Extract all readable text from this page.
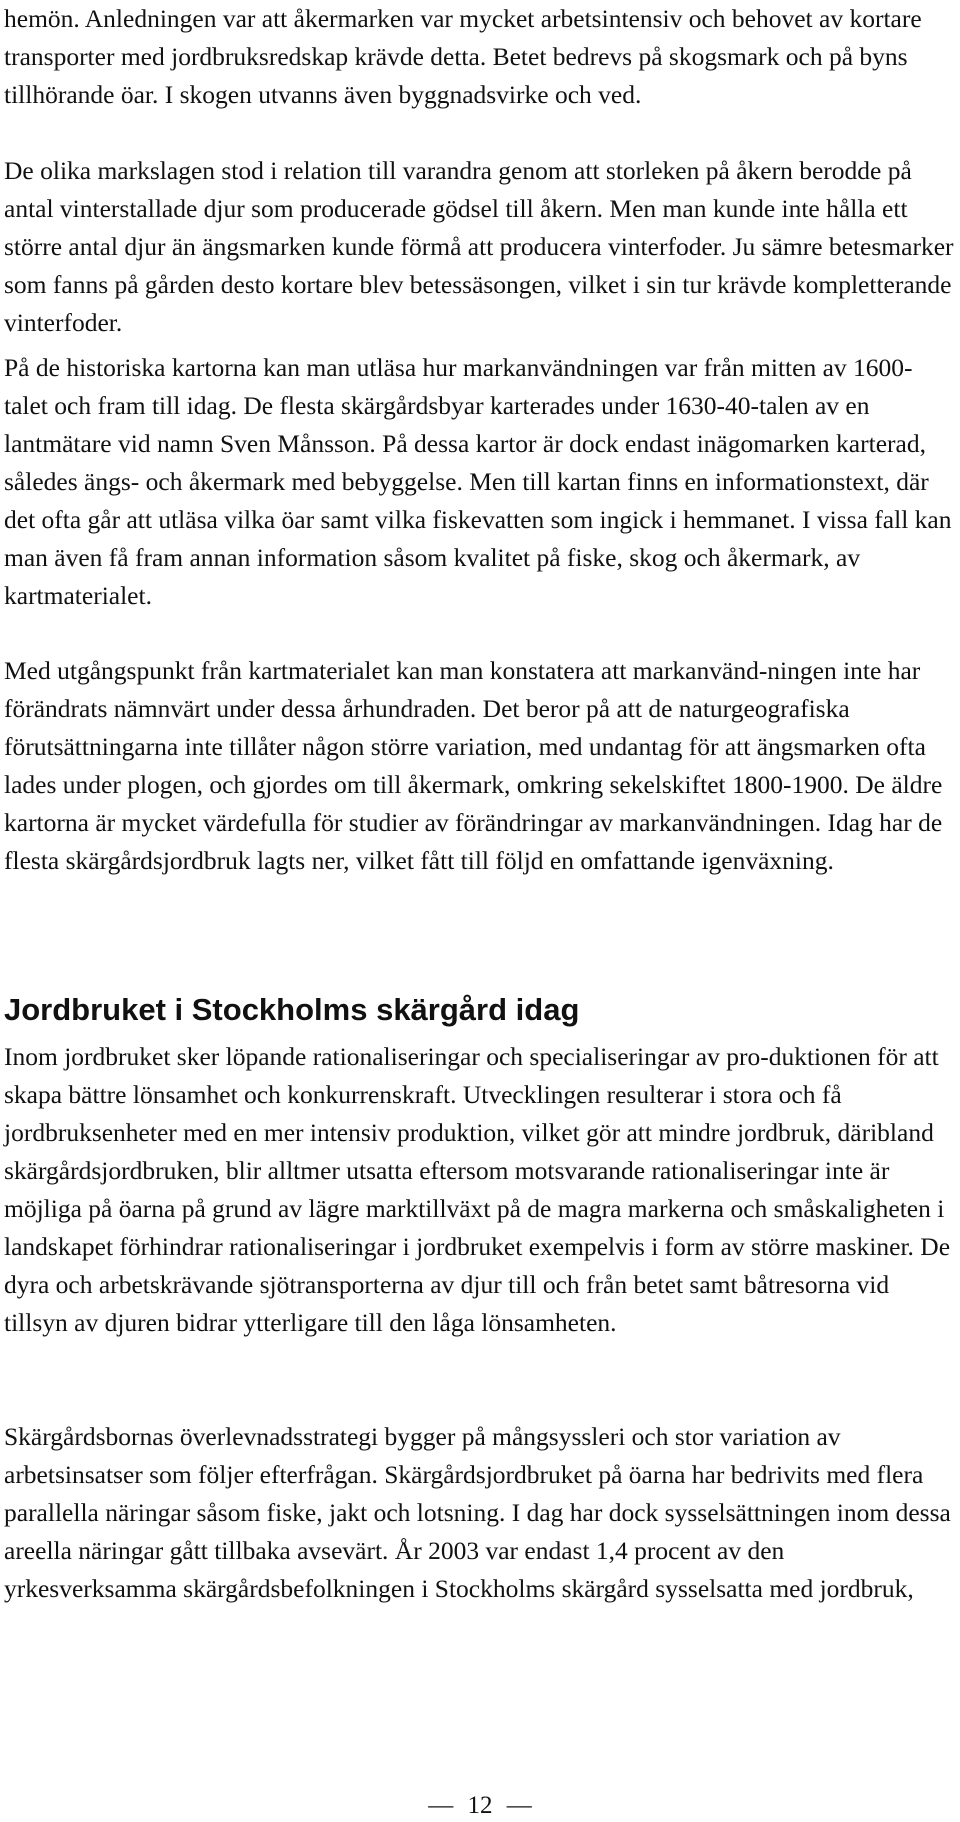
hemön. Anledningen var att åkermarken var mycket arbetsintensiv och behovet av kortare transporter med jordbruksredskap krävde detta. Betet bedrevs på skogsmark och på byns tillhörande öar. I skogen utvanns även byggnadsvirke och ved.

De olika markslagen stod i relation till varandra genom att storleken på åkern berodde på antal vinterstallade djur som producerade gödsel till åkern. Men man kunde inte hålla ett större antal djur än ängsmarken kunde förmå att producera vinterfoder. Ju sämre betesmarker som fanns på gården desto kortare blev betessäsongen, vilket i sin tur krävde kompletterande vinterfoder.

På de historiska kartorna kan man utläsa hur markanvändningen var från mitten av 1600-talet och fram till idag. De flesta skärgårdsbyar karterades under 1630-40-talen av en lantmätare vid namn Sven Månsson. På dessa kartor är dock endast inägomarken karterad, således ängs- och åkermark med bebyggelse. Men till kartan finns en informationstext, där det ofta går att utläsa vilka öar samt vilka fiskevatten som ingick i hemmanet. I vissa fall kan man även få fram annan information såsom kvalitet på fiske, skog och åkermark, av kartmaterialet.

Med utgångspunkt från kartmaterialet kan man konstatera att markanvänd-ningen inte har förändrats nämnvärt under dessa århundraden. Det beror på att de naturgeografiska förutsättningarna inte tillåter någon större variation, med undantag för att ängsmarken ofta lades under plogen, och gjordes om till åkermark, omkring sekelskiftet 1800-1900. De äldre kartorna är mycket värdefulla för studier av förändringar av markanvändningen. Idag har de flesta skärgårdsjordbruk lagts ner, vilket fått till följd en omfattande igenväxning.

Jordbruket i Stockholms skärgård idag

Inom jordbruket sker löpande rationaliseringar och specialiseringar av pro-duktionen för att skapa bättre lönsamhet och konkurrenskraft. Utvecklingen resulterar i stora och få jordbruksenheter med en mer intensiv produktion, vilket gör att mindre jordbruk, däribland skärgårdsjordbruken, blir alltmer utsatta eftersom motsvarande rationaliseringar inte är möjliga på öarna på grund av lägre marktillväxt på de magra markerna och småskaligheten i landskapet förhindrar rationaliseringar i jordbruket exempelvis i form av större maskiner. De dyra och arbetskrävande sjötransporterna av djur till och från betet samt båtresorna vid tillsyn av djuren bidrar ytterligare till den låga lönsamheten.

Skärgårdsbornas överlevnadsstrategi bygger på mångsyssleri och stor variation av arbetsinsatser som följer efterfrågan. Skärgårdsjordbruket på öarna har bedrivits med flera parallella näringar såsom fiske, jakt och lotsning. I dag har dock sysselsättningen inom dessa areella näringar gått tillbaka avsevärt. År 2003 var endast 1,4 procent av den yrkesverksamma skärgårdsbefolkningen i Stockholms skärgård sysselsatta med jordbruk,

— 12 —
